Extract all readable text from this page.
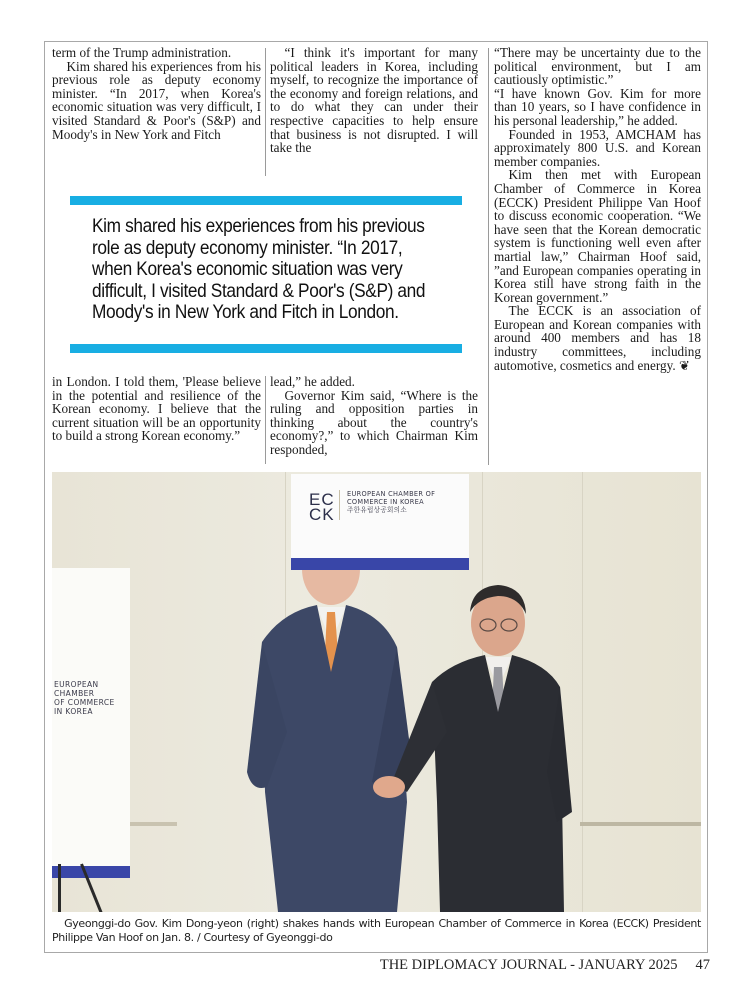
term of the Trump administration.

Kim shared his experiences from his previous role as deputy economy minister. “In 2017, when Korea's economic situation was very difficult, I visited Standard & Poor's (S&P) and Moody's in New York and Fitch

“I think it's important for many political leaders in Korea, including myself, to recognize the importance of the economy and foreign relations, and to do what they can under their respective capacities to help ensure that business is not disrupted. I will take the

Kim shared his experiences from his previous role as deputy economy minister. “In 2017, when Korea's economic situation was very difficult, I visited Standard & Poor's (S&P) and Moody's in New York and Fitch in London.

in London. I told them, 'Please believe in the potential and resilience of the Korean economy. I believe that the current situation will be an opportunity to build a strong Korean economy.”

lead,” he added.

Governor Kim said, “Where is the ruling and opposition parties in thinking about the country's economy?,” to which Chairman Kim responded,

“There may be uncertainty due to the political environment, but I am cautiously optimistic.”

“I have known Gov. Kim for more than 10 years, so I have confidence in his personal leadership,” he added.

Founded in 1953, AMCHAM has approximately 800 U.S. and Korean member companies.

Kim then met with European Chamber of Commerce in Korea (ECCK) President Philippe Van Hoof to discuss economic cooperation. “We have seen that the Korean democratic system is functioning well even after martial law,” Chairman Hoof said, ”and European companies operating in Korea still have strong faith in the Korean government.”

The ECCK is an association of European and Korean companies with around 400 members and has 18 industry committees, including automotive, cosmetics and energy. ❦

EC
CK
EUROPEAN CHAMBER OF
COMMERCE IN KOREA
주한유럽상공회의소
EUROPEAN
CHAMBER
OF COMMERCE
IN KOREA

Gyeonggi-do Gov. Kim Dong-yeon (right) shakes hands with European Chamber of Commerce in Korea (ECCK) President Philippe Van Hoof on Jan. 8. / Courtesy of Gyeonggi-do

THE DIPLOMACY JOURNAL - JANUARY 2025 47
